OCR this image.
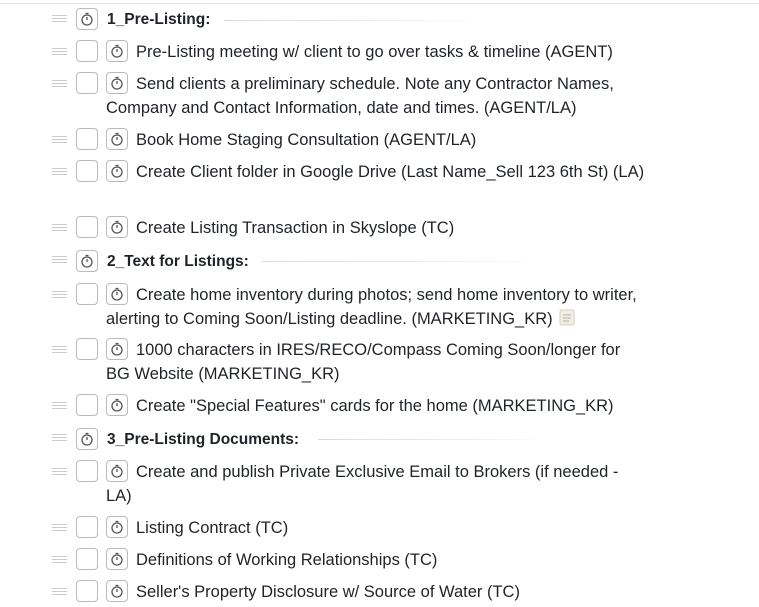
1_Pre-Listing:
Pre-Listing meeting w/ client to go over tasks & timeline (AGENT)
Send clients a preliminary schedule. Note any Contractor Names, Company and Contact Information, date and times. (AGENT/LA)
Book Home Staging Consultation (AGENT/LA)
Create Client folder in Google Drive (Last Name_Sell 123 6th St) (LA)
Create Listing Transaction in Skyslope (TC)
2_Text for Listings:
Create home inventory during photos; send home inventory to writer, alerting to Coming Soon/Listing deadline. (MARKETING_KR)
1000 characters in IRES/RECO/Compass Coming Soon/longer for BG Website (MARKETING_KR)
Create "Special Features" cards for the home (MARKETING_KR)
3_Pre-Listing Documents:
Create and publish Private Exclusive Email to Brokers (if needed - LA)
Listing Contract (TC)
Definitions of Working Relationships (TC)
Seller's Property Disclosure w/ Source of Water (TC)
